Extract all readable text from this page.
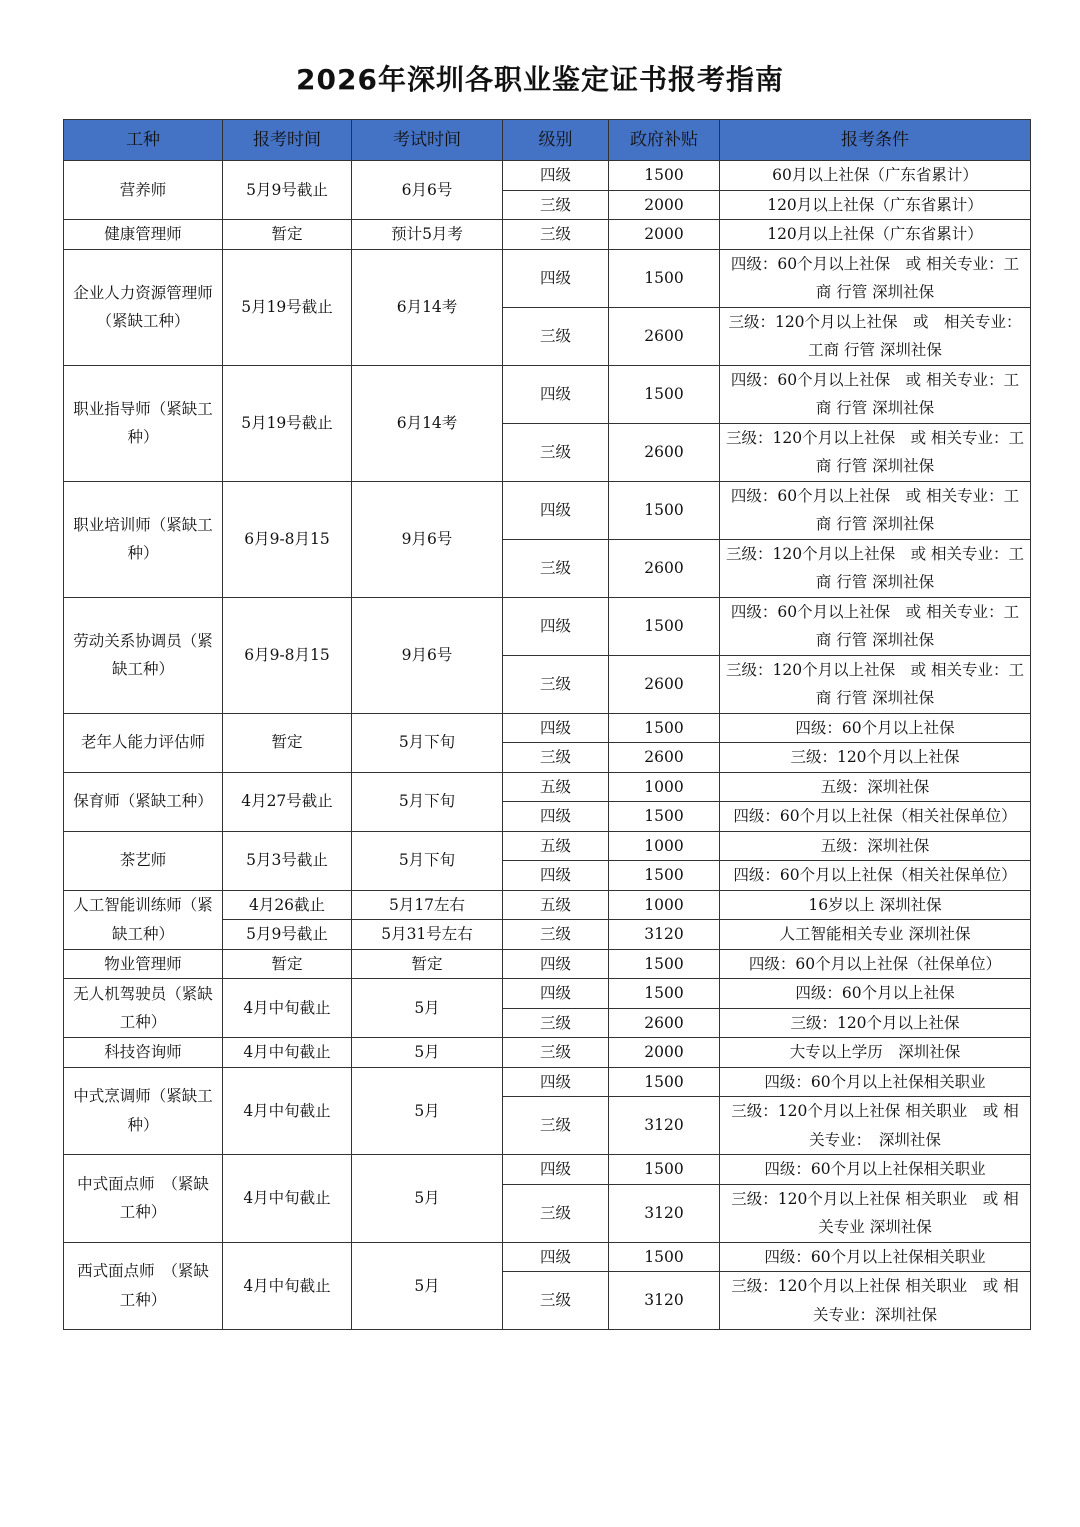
2026年深圳各职业鉴定证书报考指南
工种	报考时间	考试时间	级别	政府补贴	报考条件
营养师	5月9号截止	6月6号	四级	1500	60月以上社保（广东省累计）
			三级	2000	120月以上社保（广东省累计）
健康管理师	暂定	预计5月考	三级	2000	120月以上社保（广东省累计）
企业人力资源管理师　　（紧缺工种）	5月19号截止	6月14考	四级	1500	四级：60个月以上社保　或 相关专业：工商 行管 深圳社保
			三级	2600	三级：120个月以上社保　或　相关专业：工商 行管 深圳社保
职业指导师（紧缺工种）	5月19号截止	6月14考	四级	1500	四级：60个月以上社保　或 相关专业：工商 行管 深圳社保
			三级	2600	三级：120个月以上社保　或 相关专业：工商 行管 深圳社保
职业培训师（紧缺工种）	6月9-8月15	9月6号	四级	1500	四级：60个月以上社保　或 相关专业：工商 行管 深圳社保
			三级	2600	三级：120个月以上社保　或 相关专业：工商 行管 深圳社保
劳动关系协调员（紧缺工种）	6月9-8月15	9月6号	四级	1500	四级：60个月以上社保　或 相关专业：工商 行管 深圳社保
			三级	2600	三级：120个月以上社保　或 相关专业：工商 行管 深圳社保
老年人能力评估师	暂定	5月下旬	四级	1500	四级：60个月以上社保
			三级	2600	三级：120个月以上社保
保育师（紧缺工种）	4月27号截止	5月下旬	五级	1000	五级：深圳社保
			四级	1500	四级：60个月以上社保（相关社保单位）
茶艺师	5月3号截止	5月下旬	五级	1000	五级：深圳社保
			四级	1500	四级：60个月以上社保（相关社保单位）
人工智能训练师（紧缺工种）	4月26截止	5月17左右	五级	1000	16岁以上 深圳社保
	5月9号截止	5月31号左右	三级	3120	人工智能相关专业 深圳社保
物业管理师	暂定	暂定	四级	1500	四级：60个月以上社保（社保单位）
无人机驾驶员（紧缺工种）	4月中旬截止	5月	四级	1500	四级：60个月以上社保
			三级	2600	三级：120个月以上社保
科技咨询师	4月中旬截止	5月	三级	2000	大专以上学历　深圳社保
中式烹调师（紧缺工种）	4月中旬截止	5月	四级	1500	四级：60个月以上社保相关职业
			三级	3120	三级：120个月以上社保 相关职业　或 相关专业：　深圳社保
中式面点师　（紧缺工种）	4月中旬截止	5月	四级	1500	四级：60个月以上社保相关职业
			三级	3120	三级：120个月以上社保 相关职业　或 相关专业 深圳社保
西式面点师　（紧缺工种）	4月中旬截止	5月	四级	1500	四级：60个月以上社保相关职业
			三级	3120	三级：120个月以上社保 相关职业　或 相关专业：深圳社保
